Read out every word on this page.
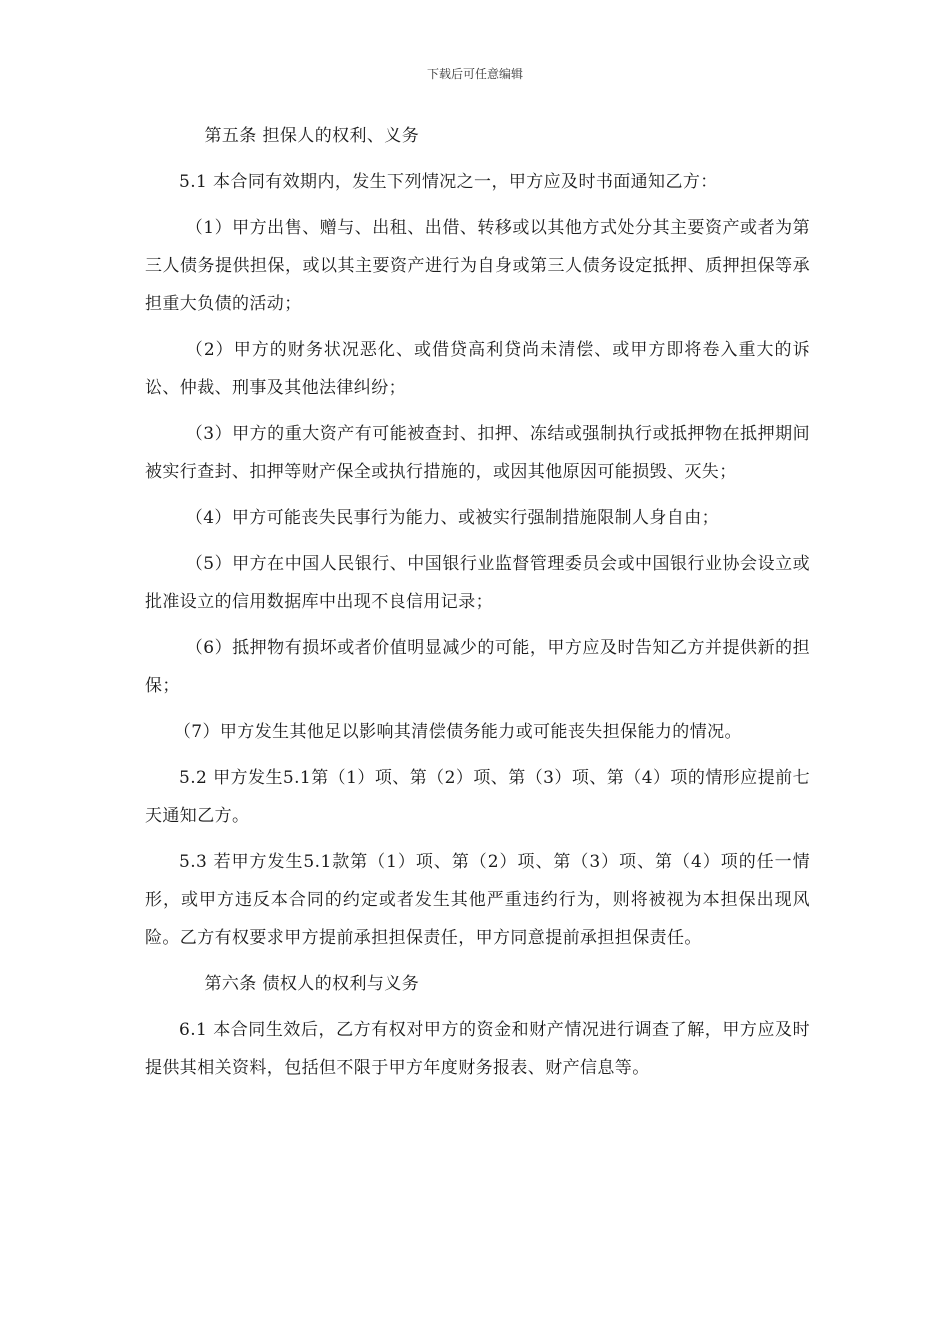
下载后可任意编辑

第五条 担保人的权利、义务

5.1 本合同有效期内，发生下列情况之一，甲方应及时书面通知乙方：

（1）甲方出售、赠与、出租、出借、转移或以其他方式处分其主要资产或者为第三人债务提供担保，或以其主要资产进行为自身或第三人债务设定抵押、质押担保等承担重大负债的活动；

（2）甲方的财务状况恶化、或借贷高利贷尚未清偿、或甲方即将卷入重大的诉讼、仲裁、刑事及其他法律纠纷；

（3）甲方的重大资产有可能被查封、扣押、冻结或强制执行或抵押物在抵押期间被实行查封、扣押等财产保全或执行措施的，或因其他原因可能损毁、灭失；

（4）甲方可能丧失民事行为能力、或被实行强制措施限制人身自由；

（5）甲方在中国人民银行、中国银行业监督管理委员会或中国银行业协会设立或批准设立的信用数据库中出现不良信用记录；

（6）抵押物有损坏或者价值明显减少的可能，甲方应及时告知乙方并提供新的担保；

（7）甲方发生其他足以影响其清偿债务能力或可能丧失担保能力的情况。

5.2 甲方发生5.1第（1）项、第（2）项、第（3）项、第（4）项的情形应提前七天通知乙方。

5.3 若甲方发生5.1款第（1）项、第（2）项、第（3）项、第（4）项的任一情形，或甲方违反本合同的约定或者发生其他严重违约行为，则将被视为本担保出现风险。乙方有权要求甲方提前承担担保责任，甲方同意提前承担担保责任。

第六条 债权人的权利与义务

6.1 本合同生效后，乙方有权对甲方的资金和财产情况进行调查了解，甲方应及时提供其相关资料，包括但不限于甲方年度财务报表、财产信息等。
